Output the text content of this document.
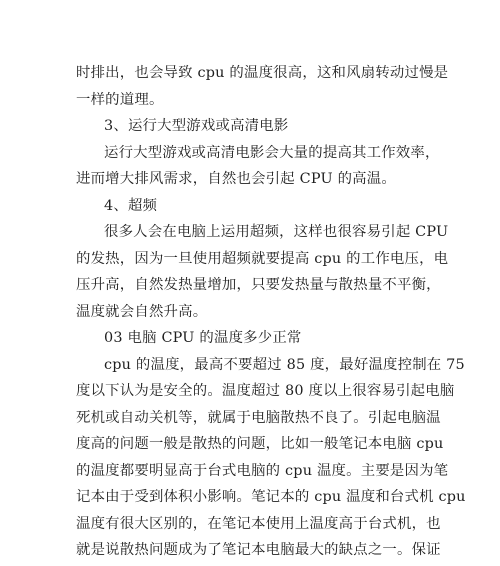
时排出，也会导致 cpu 的温度很高，这和风扇转动过慢是
一样的道理。
3、运行大型游戏或高清电影
运行大型游戏或高清电影会大量的提高其工作效率，
进而增大排风需求，自然也会引起 CPU 的高温。
4、超频
很多人会在电脑上运用超频，这样也很容易引起 CPU
的发热，因为一旦使用超频就要提高 cpu 的工作电压，电
压升高，自然发热量增加，只要发热量与散热量不平衡，
温度就会自然升高。
03 电脑 CPU 的温度多少正常
cpu 的温度，最高不要超过 85 度，最好温度控制在 75
度以下认为是安全的。温度超过 80 度以上很容易引起电脑
死机或自动关机等，就属于电脑散热不良了。引起电脑温
度高的问题一般是散热的问题，比如一般笔记本电脑 cpu
的温度都要明显高于台式电脑的 cpu 温度。主要是因为笔
记本由于受到体积小影响。笔记本的 cpu 温度和台式机 cpu
温度有很大区别的，在笔记本使用上温度高于台式机，也
就是说散热问题成为了笔记本电脑最大的缺点之一。保证
